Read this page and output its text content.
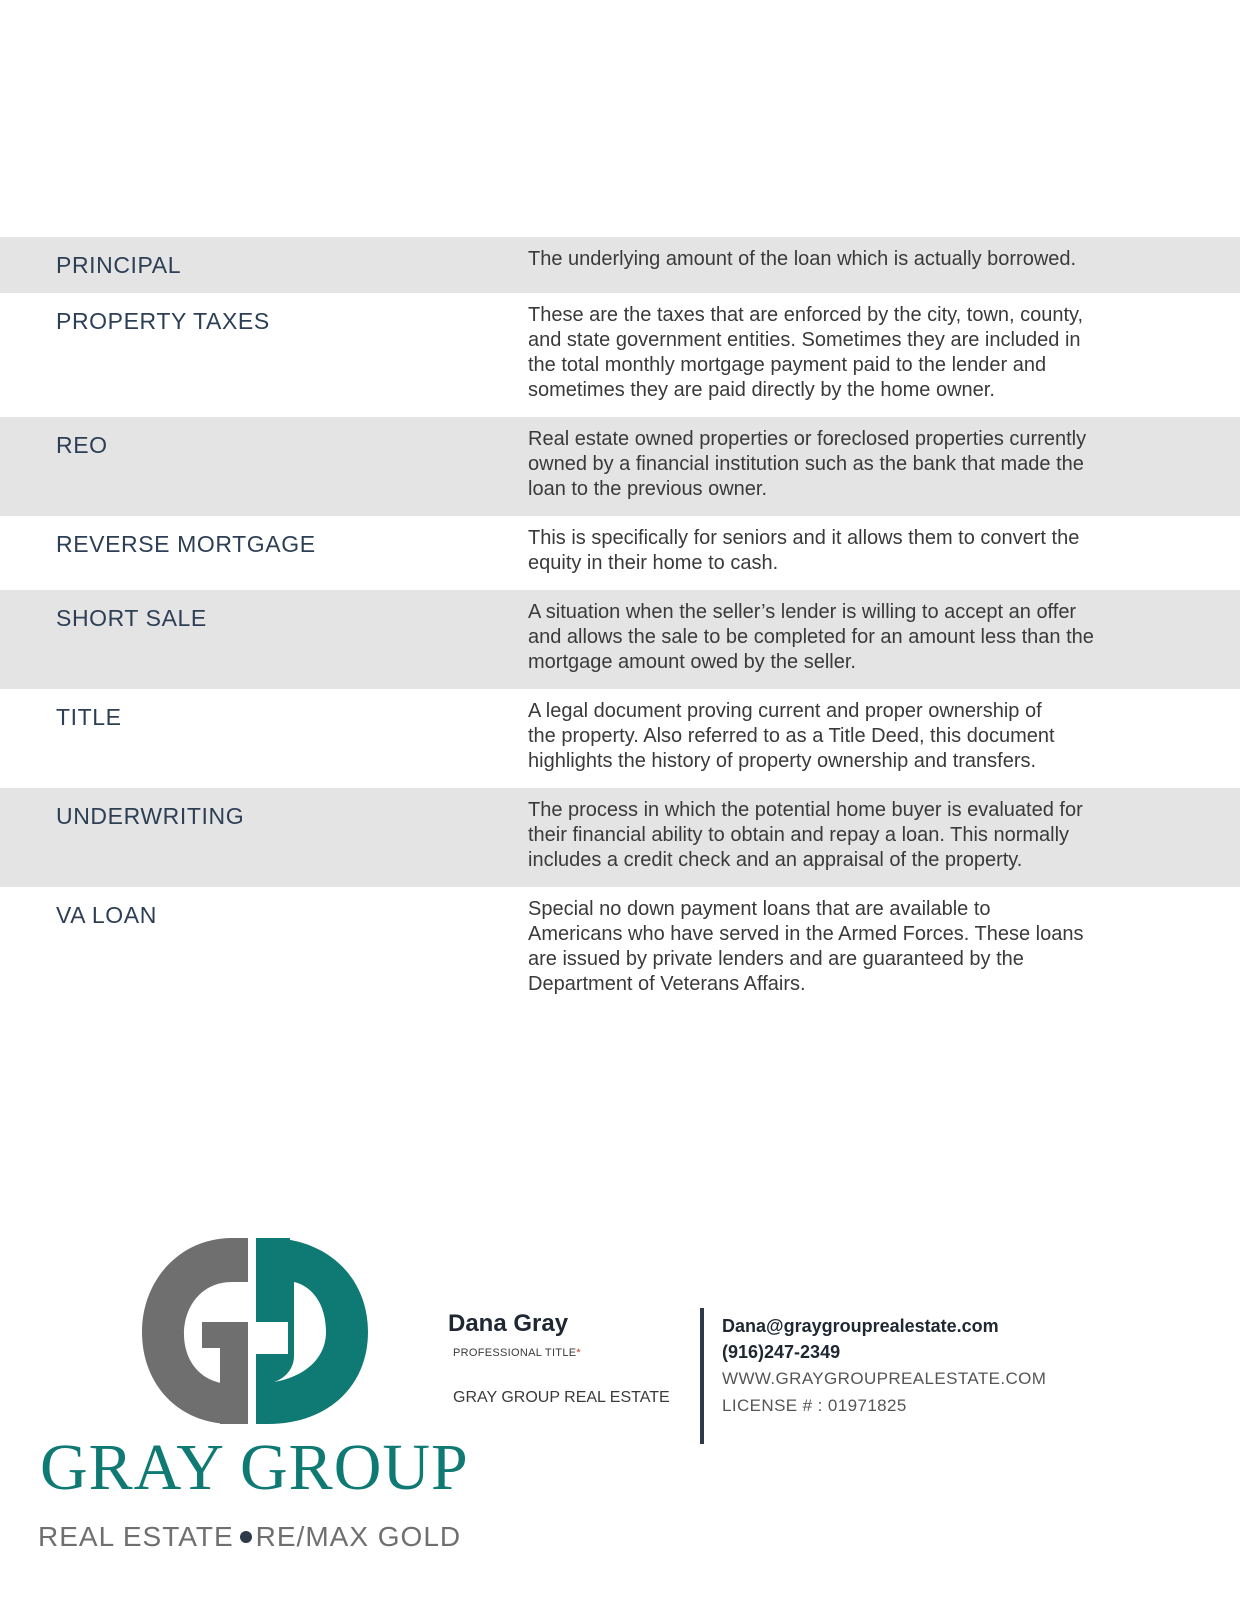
PRINCIPAL	The underlying amount of the loan which is actually borrowed.
PROPERTY TAXES	These are the taxes that are enforced by the city, town, county,
and state government entities. Sometimes they are included in
the total monthly mortgage payment paid to the lender and
sometimes they are paid directly by the home owner.
REO	Real estate owned properties or foreclosed properties currently
owned by a financial institution such as the bank that made the
loan to the previous owner.
REVERSE MORTGAGE	This is specifically for seniors and it allows them to convert the
equity in their home to cash.
SHORT SALE	A situation when the seller’s lender is willing to accept an offer
and allows the sale to be completed for an amount less than the
mortgage amount owed by the seller.
TITLE	A legal document proving current and proper ownership of
the property. Also referred to as a Title Deed, this document
highlights the history of property ownership and transfers.
UNDERWRITING	The process in which the potential home buyer is evaluated for
their financial ability to obtain and repay a loan. This normally
includes a credit check and an appraisal of the property.
VA LOAN	Special no down payment loans that are available to
Americans who have served in the Armed Forces. These loans
are issued by private lenders and are guaranteed by the
Department of Veterans Affairs.
GRAY GROUP
REAL ESTATE RE/MAX GOLD
Dana Gray
PROFESSIONAL TITLE*
GRAY GROUP REAL ESTATE
Dana@graygrouprealestate.com
(916)247-2349
WWW.GRAYGROUPREALESTATE.COM
LICENSE # : 01971825
